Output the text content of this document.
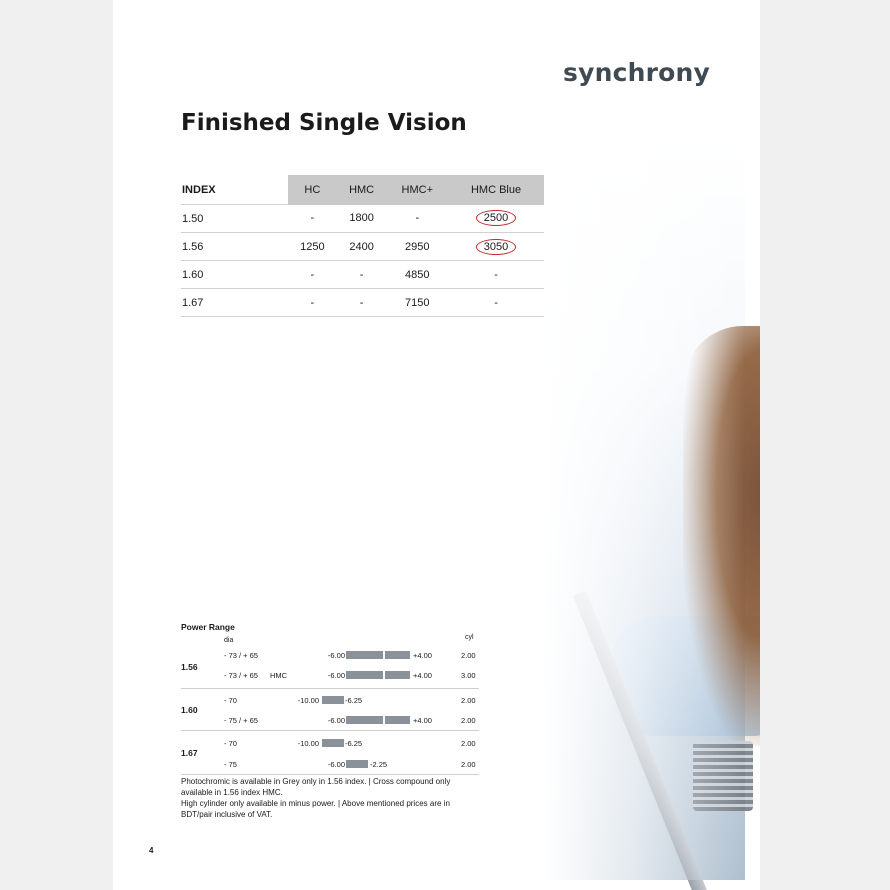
synchrony
Finished Single Vision
INDEX	HC	HMC	HMC+	HMC Blue
1.50	-	1800	-	2500
1.56	1250	2400	2950	3050
1.60	-	-	4850	-
1.67	-	-	7150	-
Power Range
dia	cyl
1.56
- 73 / + 65	-6.00	+4.00	2.00
- 73 / + 65 HMC	-6.00	+4.00	3.00
1.60
- 70	-10.00	-6.25	2.00
- 75 / + 65	-6.00	+4.00	2.00
1.67
- 70	-10.00	-6.25	2.00
- 75	-6.00	-2.25	2.00

Photochromic is available in Grey only in 1.56 index. | Cross compound only available in 1.56 index HMC.

High cylinder only available in minus power. | Above mentioned prices are in BDT/pair inclusive of VAT.

4
